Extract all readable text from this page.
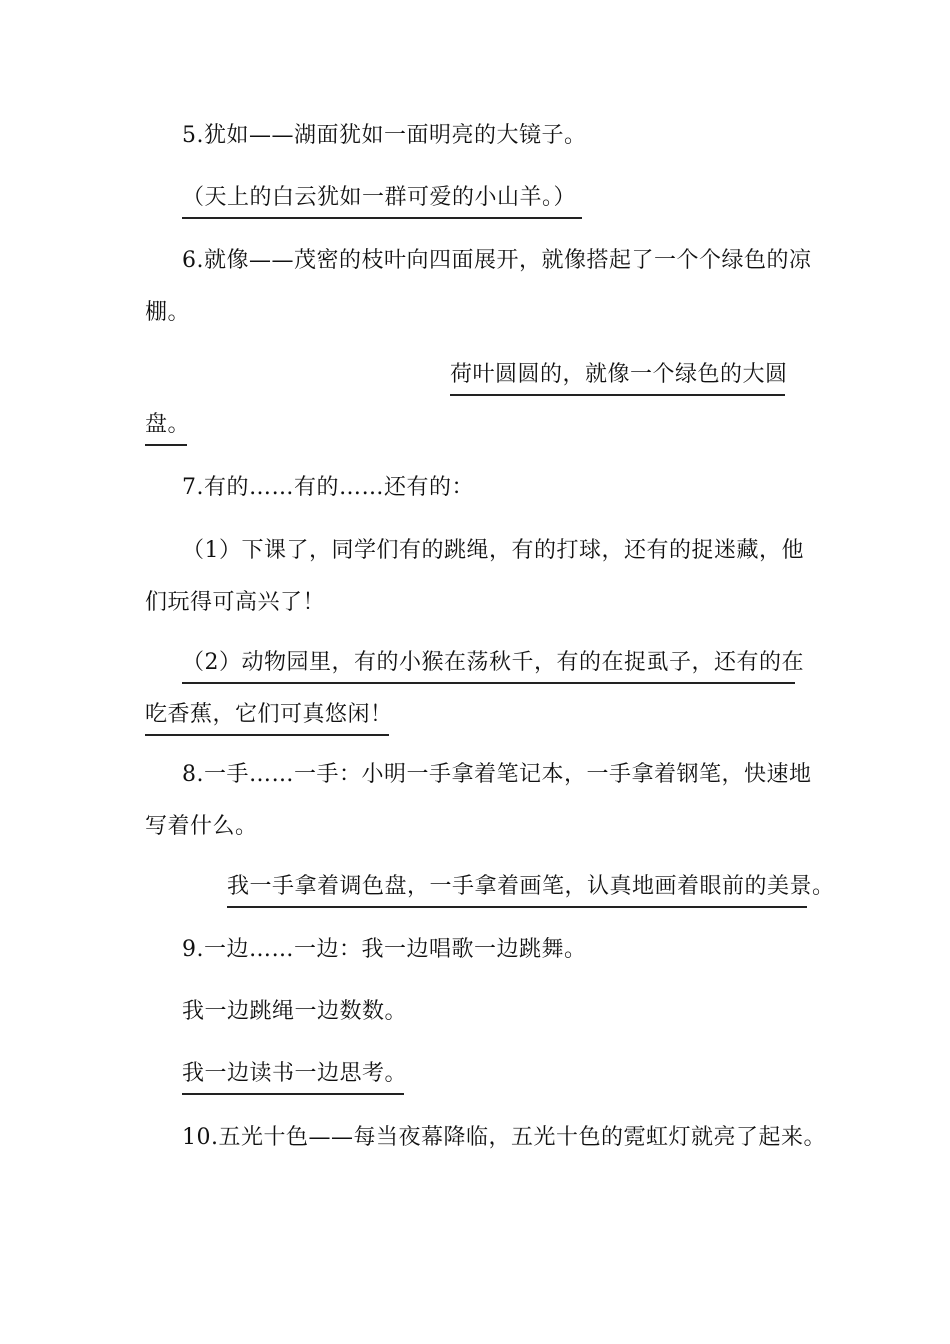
5.犹如——湖面犹如一面明亮的大镜子。
（天上的白云犹如一群可爱的小山羊。）
6.就像——茂密的枝叶向四面展开，就像搭起了一个个绿色的凉
棚。
荷叶圆圆的，就像一个绿色的大圆
盘。
7.有的……有的……还有的：
（1）下课了，同学们有的跳绳，有的打球，还有的捉迷藏，他
们玩得可高兴了！
（2）动物园里，有的小猴在荡秋千，有的在捉虱子，还有的在
吃香蕉，它们可真悠闲！
8.一手……一手：小明一手拿着笔记本，一手拿着钢笔，快速地
写着什么。
我一手拿着调色盘，一手拿着画笔，认真地画着眼前的美景。
9.一边……一边：我一边唱歌一边跳舞。
我一边跳绳一边数数。
我一边读书一边思考。
10.五光十色——每当夜幕降临，五光十色的霓虹灯就亮了起来。
